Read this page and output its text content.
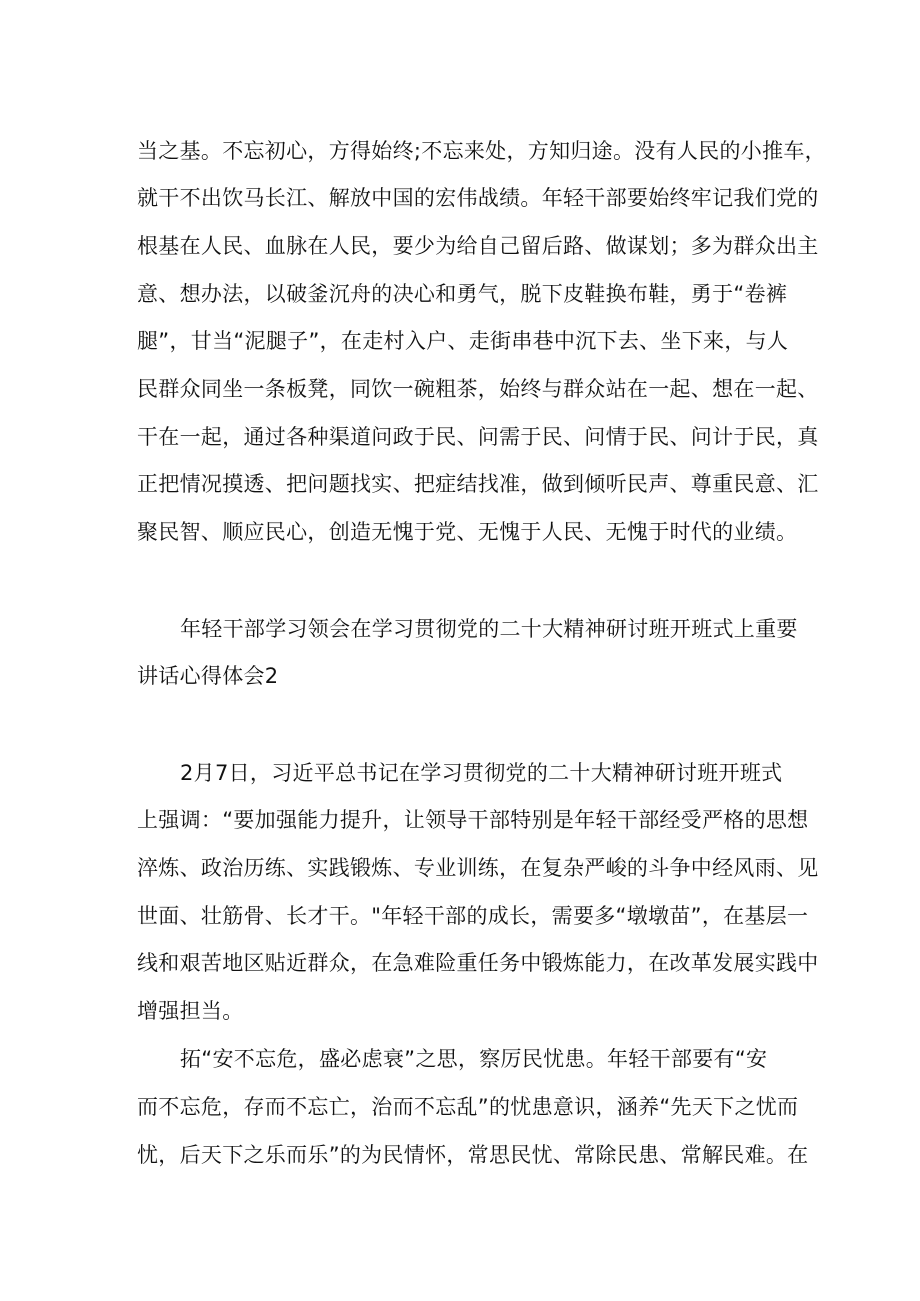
当之基。不忘初心，方得始终;不忘来处，方知归途。没有人民的小推车，
就干不出饮马长江、解放中国的宏伟战绩。年轻干部要始终牢记我们党的
根基在人民、血脉在人民，要少为给自己留后路、做谋划；多为群众出主
意、想办法，以破釜沉舟的决心和勇气，脱下皮鞋换布鞋，勇于“卷裤
腿”，甘当“泥腿子”，在走村入户、走街串巷中沉下去、坐下来，与人
民群众同坐一条板凳，同饮一碗粗茶，始终与群众站在一起、想在一起、
干在一起，通过各种渠道问政于民、问需于民、问情于民、问计于民，真
正把情况摸透、把问题找实、把症结找准，做到倾听民声、尊重民意、汇
聚民智、顺应民心，创造无愧于党、无愧于人民、无愧于时代的业绩。
年轻干部学习领会在学习贯彻党的二十大精神研讨班开班式上重要
讲话心得体会2
2月7日，习近平总书记在学习贯彻党的二十大精神研讨班开班式
上强调：“要加强能力提升，让领导干部特别是年轻干部经受严格的思想
淬炼、政治历练、实践锻炼、专业训练，在复杂严峻的斗争中经风雨、见
世面、壮筋骨、长才干。"年轻干部的成长，需要多“墩墩苗”，在基层一
线和艰苦地区贴近群众，在急难险重任务中锻炼能力，在改革发展实践中
增强担当。
拓“安不忘危，盛必虑衰”之思，察厉民忧患。年轻干部要有“安
而不忘危，存而不忘亡，治而不忘乱”的忧患意识，涵养“先天下之忧而
忧，后天下之乐而乐”的为民情怀，常思民忧、常除民患、常解民难。在
